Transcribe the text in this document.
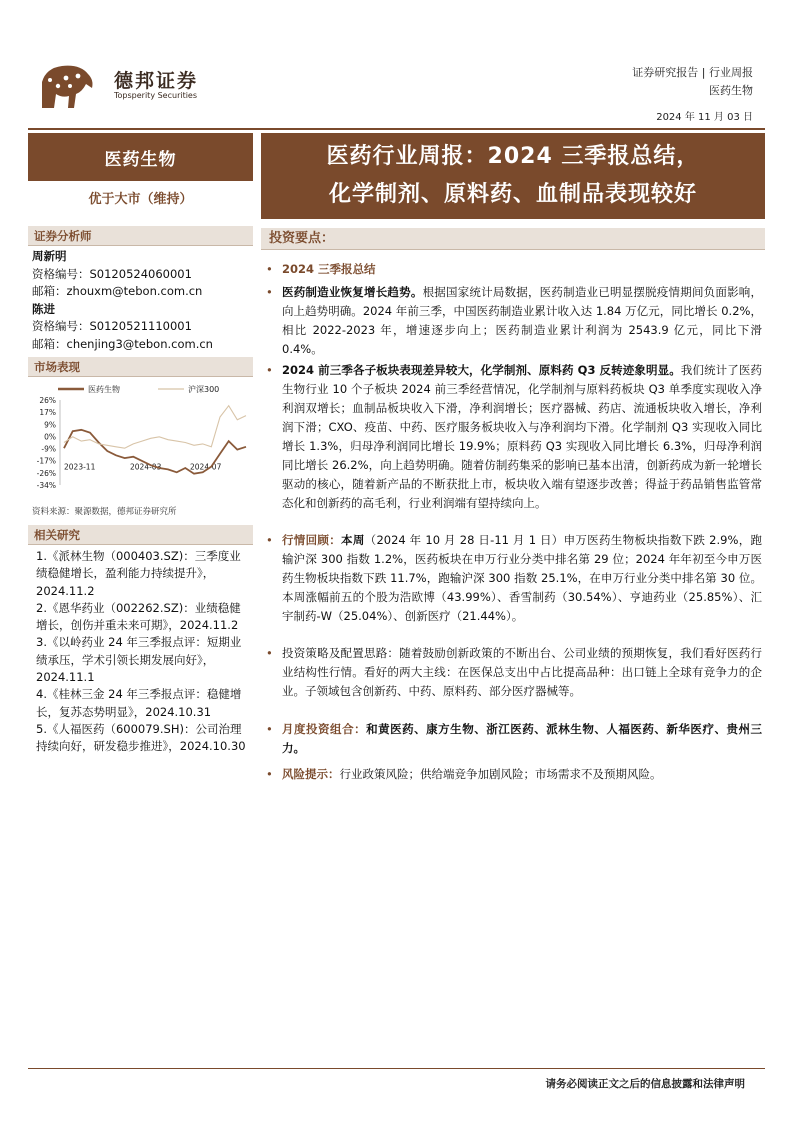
德邦证券
Topsperity Securities
证券研究报告 | 行业周报
医药生物
2024 年 11 月 03 日
医药生物	医药行业周报：2024 三季报总结，
化学制剂、原料药、血制品表现较好
优于大市（维持）
证券分析师
周新明
资格编号：S0120524060001
邮箱：zhouxm@tebon.com.cn
陈进
资格编号：S0120521110001
邮箱：chenjing3@tebon.com.cn
市场表现
医药生物	沪深300
26%
17%
9%
0%
-9%
-17%
-26%
-34%
2023-11	2024-03	2024-07
资料来源：聚源数据，德邦证券研究所
相关研究
1.《派林生物（000403.SZ)：三季度业绩稳健增长，盈利能力持续提升》，2024.11.2
2.《恩华药业（002262.SZ)：业绩稳健增长，创伤并重未来可期》，2024.11.2
3.《以岭药业 24 年三季报点评：短期业绩承压，学术引领长期发展向好》，2024.11.1
4.《桂林三金 24 年三季报点评：稳健增长，复苏态势明显》，2024.10.31
5.《人福医药（600079.SH)：公司治理持续向好，研发稳步推进》，2024.10.30
投资要点：
• 2024 三季报总结
• 医药制造业恢复增长趋势。根据国家统计局数据，医药制造业已明显摆脱疫情期间负面影响，向上趋势明确。2024 年前三季，中国医药制造业累计收入达 1.84 万亿元，同比增长 0.2%，相比 2022-2023 年，增速逐步向上；医药制造业累计利润为 2543.9 亿元，同比下滑 0.4%。
• 2024 前三季各子板块表现差异较大，化学制剂、原料药 Q3 反转迹象明显。我们统计了医药生物行业 10 个子板块 2024 前三季经营情况，化学制剂与原料药板块 Q3 单季度实现收入净利润双增长；血制品板块收入下滑，净利润增长；医疗器械、药店、流通板块收入增长，净利润下滑；CXO、疫苗、中药、医疗服务板块收入与净利润均下滑。化学制剂 Q3 实现收入同比增长 1.3%，归母净利润同比增长 19.9%；原料药 Q3 实现收入同比增长 6.3%，归母净利润同比增长 26.2%，向上趋势明确。随着仿制药集采的影响已基本出清，创新药成为新一轮增长驱动的核心，随着新产品的不断获批上市，板块收入端有望逐步改善；得益于药品销售监管常态化和创新药的高毛利，行业利润端有望持续向上。
• 行情回顾：本周（2024 年 10 月 28 日-11 月 1 日）申万医药生物板块指数下跌 2.9%，跑输沪深 300 指数 1.2%，医药板块在申万行业分类中排名第 29 位；2024 年年初至今申万医药生物板块指数下跌 11.7%，跑输沪深 300 指数 25.1%，在申万行业分类中排名第 30 位。本周涨幅前五的个股为浩欧博（43.99%）、香雪制药（30.54%）、亨迪药业（25.85%）、汇宇制药-W（25.04%）、创新医疗（21.44%）。
• 投资策略及配置思路：随着鼓励创新政策的不断出台、公司业绩的预期恢复，我们看好医药行业结构性行情。看好的两大主线：在医保总支出中占比提高品种：出口链上全球有竞争力的企业。子领域包含创新药、中药、原料药、部分医疗器械等。
• 月度投资组合：和黄医药、康方生物、浙江医药、派林生物、人福医药、新华医疗、贵州三力。
• 风险提示：行业政策风险；供给端竞争加剧风险；市场需求不及预期风险。
请务必阅读正文之后的信息披露和法律声明
